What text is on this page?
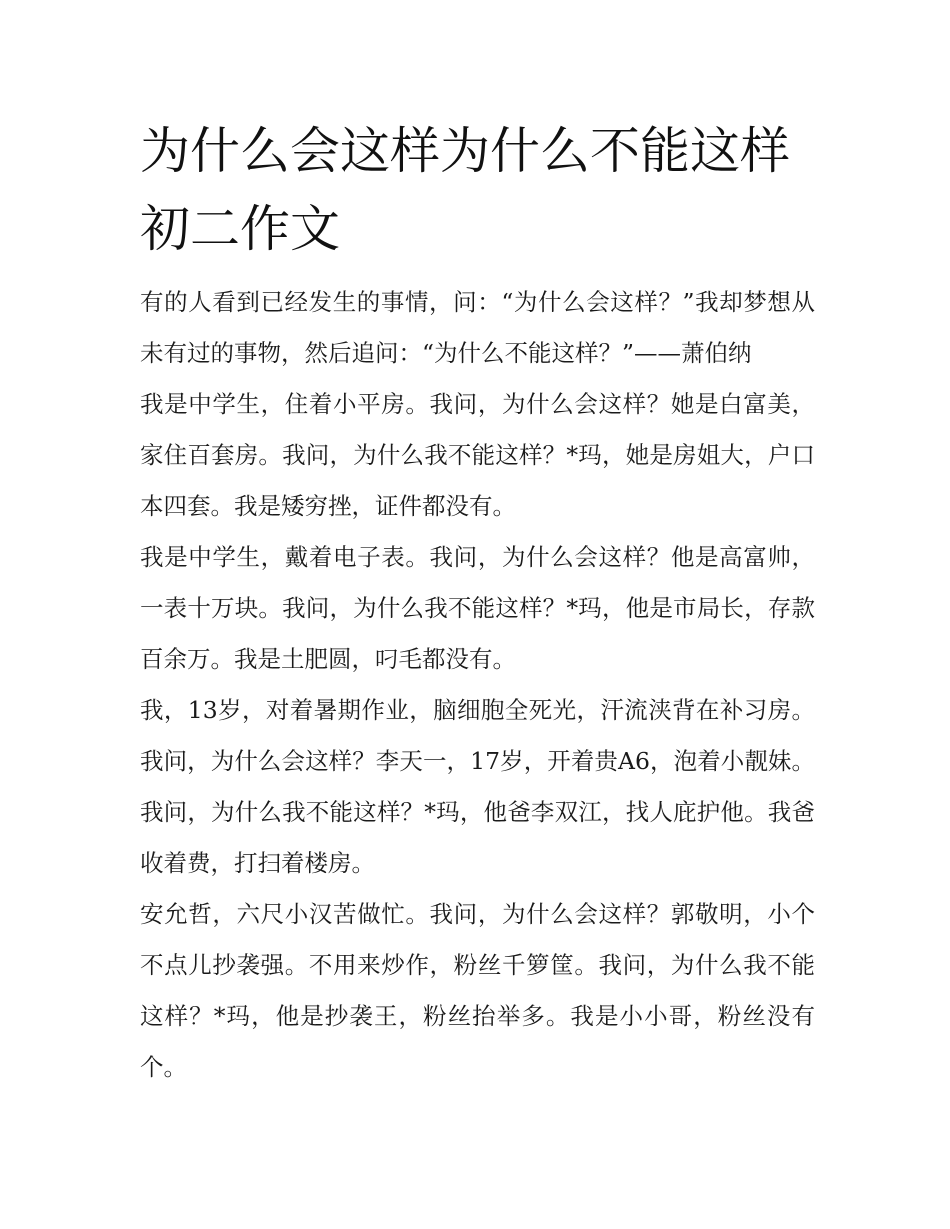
为什么会这样为什么不能这样初二作文

有的人看到已经发生的事情，问：“为什么会这样？”我却梦想从未有过的事物，然后追问：“为什么不能这样？”——萧伯纳

我是中学生，住着小平房。我问，为什么会这样？她是白富美，家住百套房。我问，为什么我不能这样？*玛，她是房姐大，户口本四套。我是矮穷挫，证件都没有。

我是中学生，戴着电子表。我问，为什么会这样？他是高富帅，一表十万块。我问，为什么我不能这样？*玛，他是市局长，存款百余万。我是土肥圆，叼毛都没有。

我，13岁，对着暑期作业，脑细胞全死光，汗流浃背在补习房。我问，为什么会这样？李天一，17岁，开着贵A6，泡着小靓妹。我问，为什么我不能这样？*玛，他爸李双江，找人庇护他。我爸收着费，打扫着楼房。

安允哲，六尺小汉苦做忙。我问，为什么会这样？郭敬明，小个不点儿抄袭强。不用来炒作，粉丝千箩筐。我问，为什么我不能这样？*玛，他是抄袭王，粉丝抬举多。我是小小哥，粉丝没有个。
